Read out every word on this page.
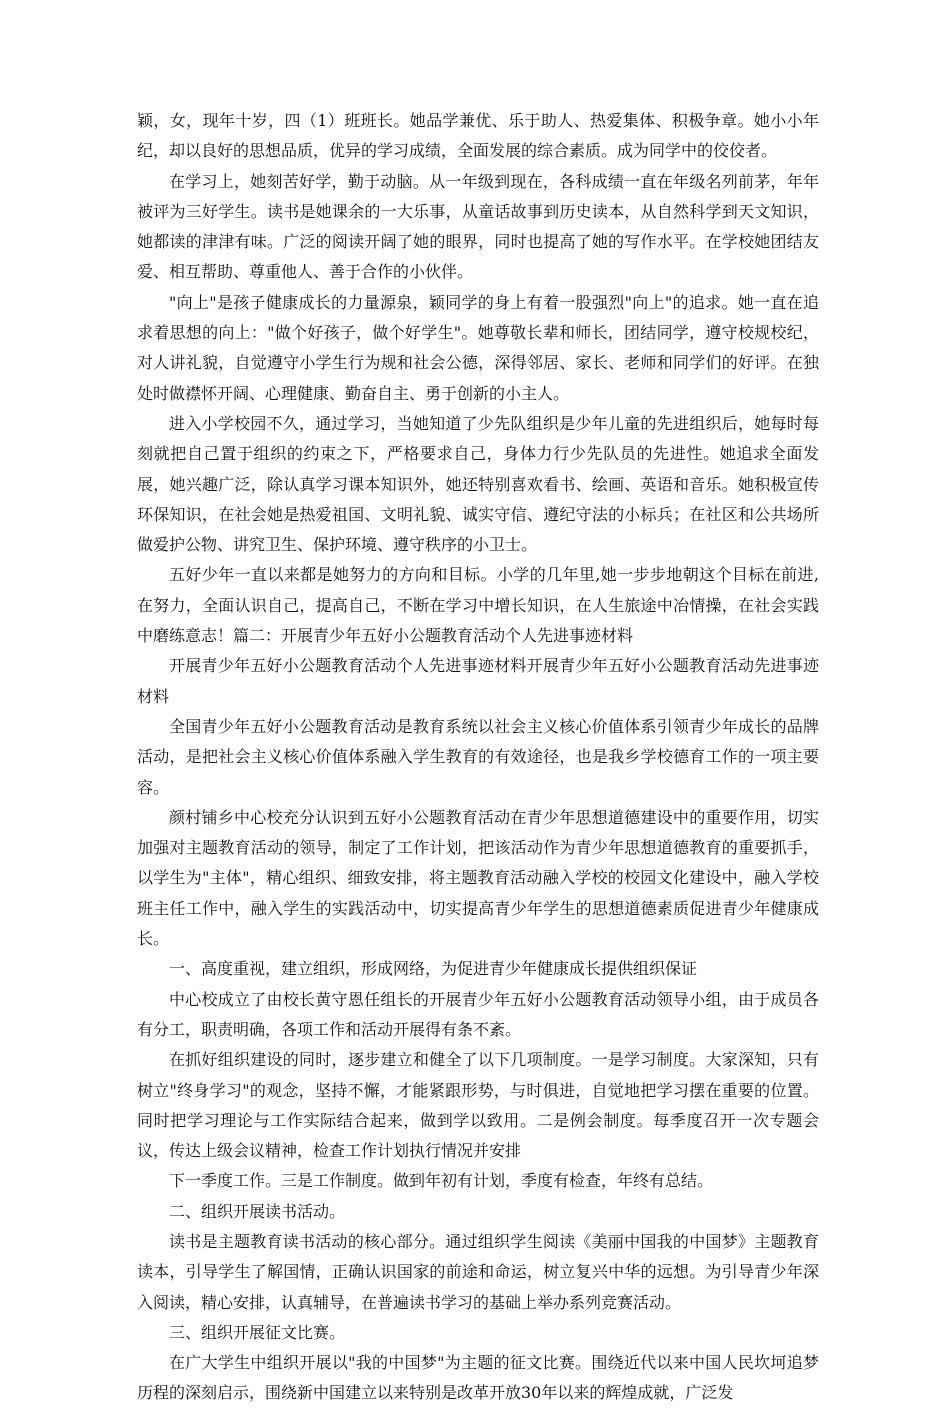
颖，女，现年十岁，四（1）班班长。她品学兼优、乐于助人、热爱集体、积极争章。她小小年纪，却以良好的思想品质，优异的学习成绩，全面发展的综合素质。成为同学中的佼佼者。

在学习上，她刻苦好学，勤于动脑。从一年级到现在，各科成绩一直在年级名列前茅，年年被评为三好学生。读书是她课余的一大乐事，从童话故事到历史读本，从自然科学到天文知识，她都读的津津有味。广泛的阅读开阔了她的眼界，同时也提高了她的写作水平。在学校她团结友爱、相互帮助、尊重他人、善于合作的小伙伴。

"向上"是孩子健康成长的力量源泉，颖同学的身上有着一股强烈"向上"的追求。她一直在追求着思想的向上："做个好孩子，做个好学生"。她尊敬长辈和师长，团结同学，遵守校规校纪，对人讲礼貌，自觉遵守小学生行为规和社会公德，深得邻居、家长、老师和同学们的好评。在独处时做襟怀开阔、心理健康、勤奋自主、勇于创新的小主人。

进入小学校园不久，通过学习，当她知道了少先队组织是少年儿童的先进组织后，她每时每刻就把自己置于组织的约束之下，严格要求自己，身体力行少先队员的先进性。她追求全面发展，她兴趣广泛，除认真学习课本知识外，她还特别喜欢看书、绘画、英语和音乐。她积极宣传环保知识，在社会她是热爱祖国、文明礼貌、诚实守信、遵纪守法的小标兵；在社区和公共场所做爱护公物、讲究卫生、保护环境、遵守秩序的小卫士。

五好少年一直以来都是她努力的方向和目标。小学的几年里,她一步步地朝这个目标在前进,在努力，全面认识自己，提高自己，不断在学习中增长知识，在人生旅途中冶情操，在社会实践中磨练意志！篇二：开展青少年五好小公题教育活动个人先进事迹材料

开展青少年五好小公题教育活动个人先进事迹材料开展青少年五好小公题教育活动先进事迹材料

全国青少年五好小公题教育活动是教育系统以社会主义核心价值体系引领青少年成长的品牌活动，是把社会主义核心价值体系融入学生教育的有效途径，也是我乡学校德育工作的一项主要容。

颜村铺乡中心校充分认识到五好小公题教育活动在青少年思想道德建设中的重要作用，切实加强对主题教育活动的领导，制定了工作计划，把该活动作为青少年思想道德教育的重要抓手，以学生为"主体"，精心组织、细致安排，将主题教育活动融入学校的校园文化建设中，融入学校班主任工作中，融入学生的实践活动中，切实提高青少年学生的思想道德素质促进青少年健康成长。

一、高度重视，建立组织，形成网络，为促进青少年健康成长提供组织保证

中心校成立了由校长黄守恩任组长的开展青少年五好小公题教育活动领导小组，由于成员各有分工，职责明确，各项工作和活动开展得有条不紊。

在抓好组织建设的同时，逐步建立和健全了以下几项制度。一是学习制度。大家深知，只有树立"终身学习"的观念，坚持不懈，才能紧跟形势，与时俱进，自觉地把学习摆在重要的位置。同时把学习理论与工作实际结合起来，做到学以致用。二是例会制度。每季度召开一次专题会议，传达上级会议精神，检查工作计划执行情况并安排

下一季度工作。三是工作制度。做到年初有计划，季度有检查，年终有总结。

二、组织开展读书活动。

读书是主题教育读书活动的核心部分。通过组织学生阅读《美丽中国我的中国梦》主题教育读本，引导学生了解国情，正确认识国家的前途和命运，树立复兴中华的远想。为引导青少年深入阅读，精心安排，认真辅导，在普遍读书学习的基础上举办系列竞赛活动。

三、组织开展征文比赛。

在广大学生中组织开展以"我的中国梦"为主题的征文比赛。围绕近代以来中国人民坎坷追梦历程的深刻启示，围绕新中国建立以来特别是改革开放30年以来的辉煌成就，广泛发
